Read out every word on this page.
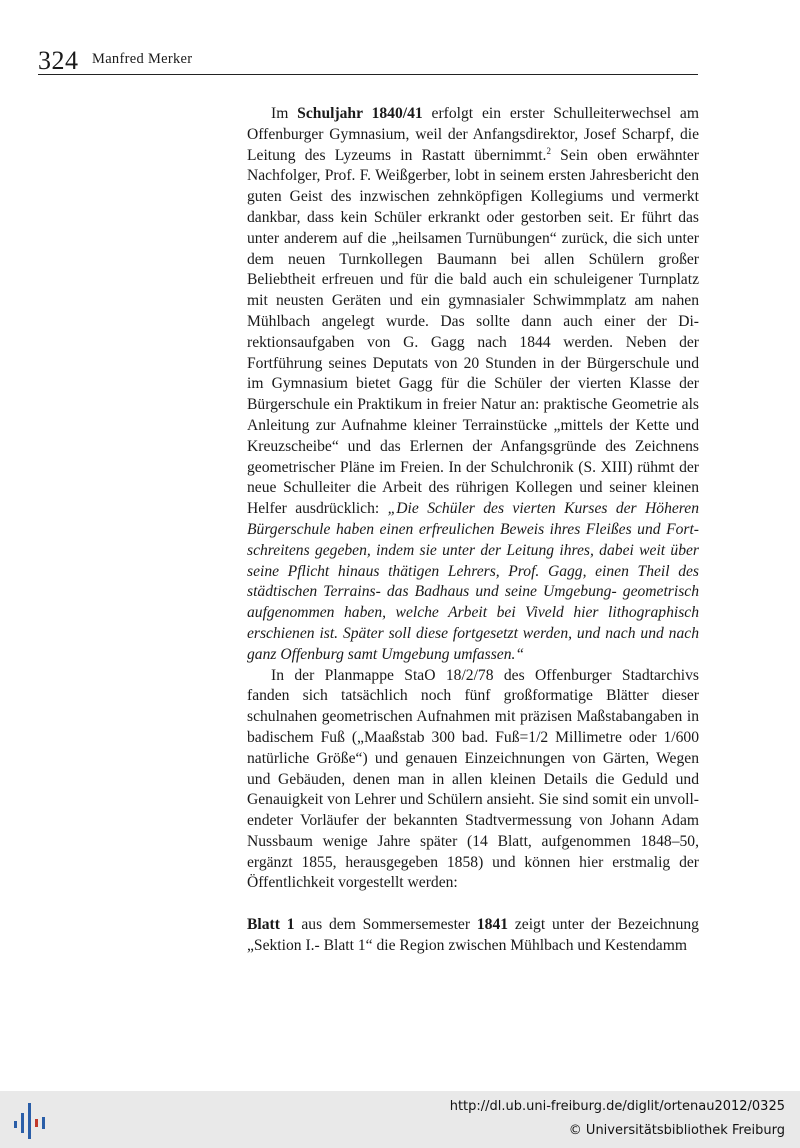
324 Manfred Merker

Im Schuljahr 1840/41 erfolgt ein erster Schulleiterwechsel am Offenburger Gymnasium, weil der Anfangsdirektor, Josef Scharpf, die Leitung des Lyzeums in Rastatt übernimmt.$^2$ Sein oben erwähnter Nachfolger, Prof. F. Weißgerber, lobt in seinem ersten Jahresbericht den guten Geist des inzwischen zehnköpfigen Kollegiums und vermerkt dankbar, dass kein Schüler erkrankt oder gestorben seit. Er führt das unter anderem auf die „heilsamen Turnübungen“ zurück, die sich unter dem neuen Turnkollegen Baumann bei allen Schülern großer Beliebtheit erfreuen und für die bald auch ein schuleigener Turnplatz mit neusten Geräten und ein gymnasialer Schwimmplatz am nahen Mühlbach angelegt wurde. Das sollte dann auch einer der Direktionsaufgaben von G. Gagg nach 1844 werden. Neben der Fortführung seines Deputats von 20 Stunden in der Bürgerschule und im Gymnasium bietet Gagg für die Schüler der vierten Klasse der Bürgerschule ein Praktikum in freier Natur an: praktische Geometrie als Anleitung zur Aufnahme kleiner Terrainstücke „mittels der Kette und Kreuzscheibe“ und das Erlernen der Anfangsgründe des Zeichnens geometrischer Pläne im Freien. In der Schulchronik (S. XIII) rühmt der neue Schulleiter die Arbeit des rührigen Kollegen und seiner kleinen Helfer ausdrücklich: „Die Schüler des vierten Kurses der Höheren Bürgerschule haben einen erfreulichen Beweis ihres Fleißes und Fortschreitens gegeben, indem sie unter der Leitung ihres, dabei weit über seine Pflicht hinaus thätigen Lehrers, Prof. Gagg, einen Theil des städtischen Terrains- das Badhaus und seine Umgebung- geometrisch aufgenommen haben, welche Arbeit bei Viveld hier lithographisch erschienen ist. Später soll diese fortgesetzt werden, und nach und nach ganz Offenburg samt Umgebung umfassen.“

In der Planmappe StaO 18/2/78 des Offenburger Stadtarchivs fanden sich tatsächlich noch fünf großformatige Blätter dieser schulnahen geometrischen Aufnahmen mit präzisen Maßstabangaben in badischem Fuß („Maaßstab 300 bad. Fuß=1/2 Millimetre oder 1/600 natürliche Größe“) und genauen Einzeichnungen von Gärten, Wegen und Gebäuden, denen man in allen kleinen Details die Geduld und Genauigkeit von Lehrer und Schülern ansieht. Sie sind somit ein unvollendeter Vorläufer der bekannten Stadtvermessung von Johann Adam Nussbaum wenige Jahre später (14 Blatt, aufgenommen 1848–50, ergänzt 1855, herausgegeben 1858) und können hier erstmalig der Öffentlichkeit vorgestellt werden:

Blatt 1 aus dem Sommersemester 1841 zeigt unter der Bezeichnung „Sektion I.- Blatt 1“ die Region zwischen Mühlbach und Kestendamm

http://dl.ub.uni-freiburg.de/diglit/ortenau2012/0325
© Universitätsbibliothek Freiburg
